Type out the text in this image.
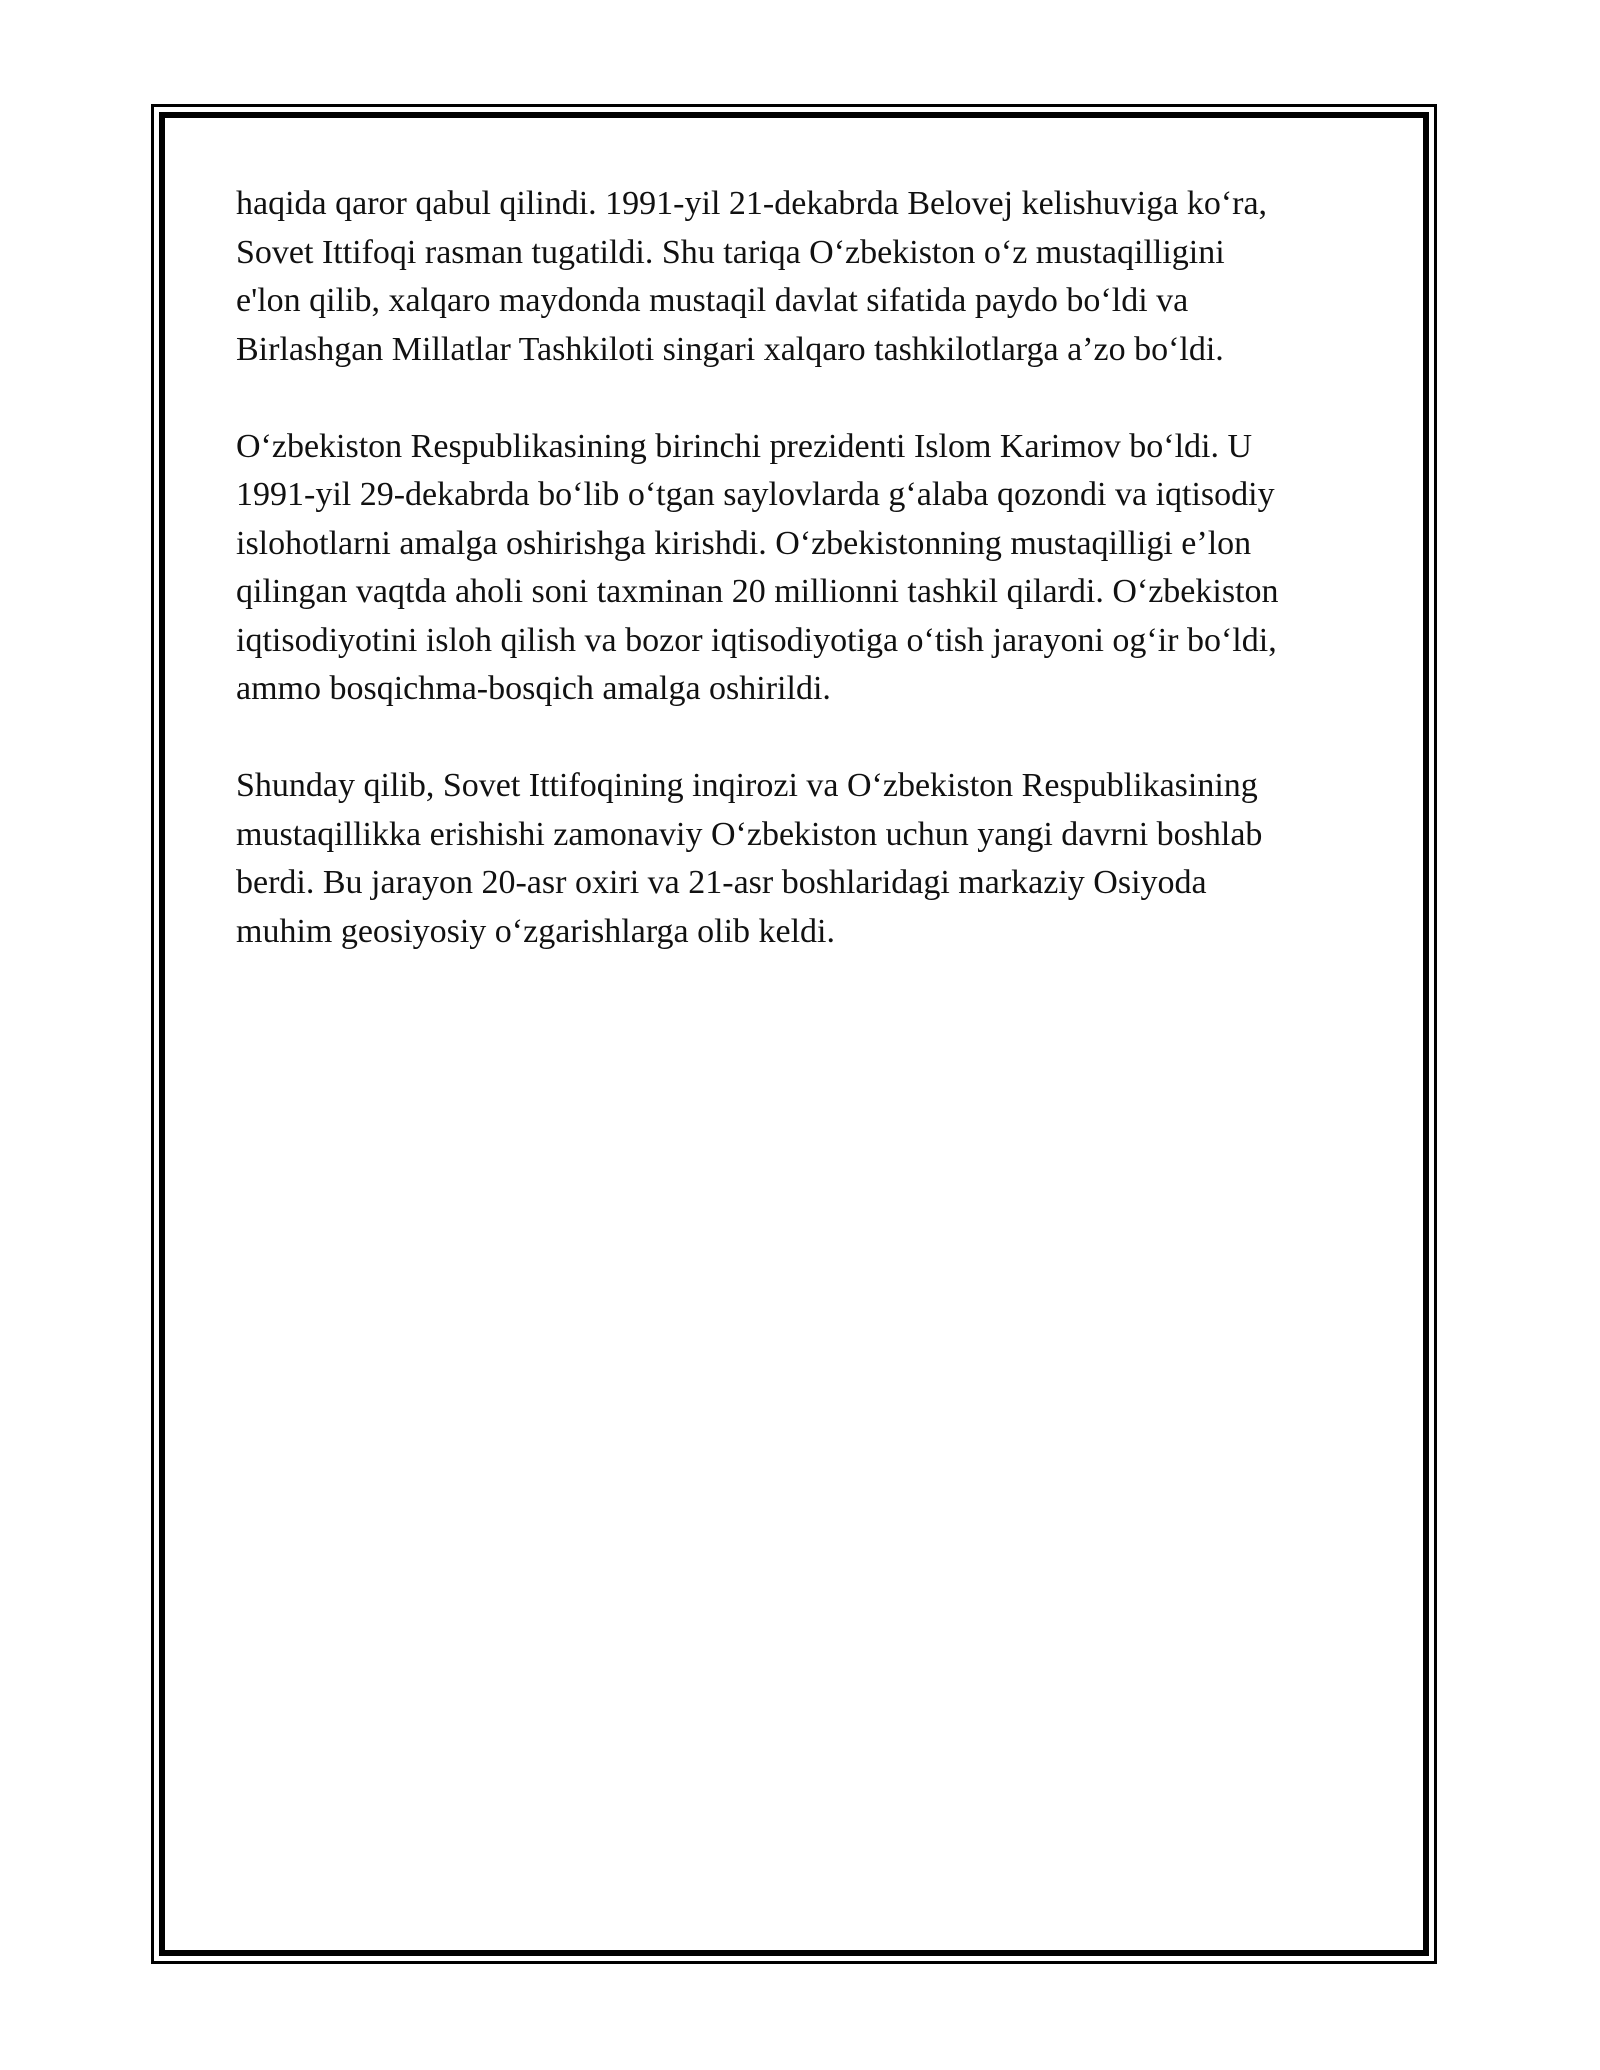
haqida qaror qabul qilindi. 1991-yil 21-dekabrda Belovej kelishuviga ko‘ra,
Sovet Ittifoqi rasman tugatildi. Shu tariqa O‘zbekiston o‘z mustaqilligini
e'lon qilib, xalqaro maydonda mustaqil davlat sifatida paydo bo‘ldi va
Birlashgan Millatlar Tashkiloti singari xalqaro tashkilotlarga a’zo bo‘ldi.

O‘zbekiston Respublikasining birinchi prezidenti Islom Karimov bo‘ldi. U
1991-yil 29-dekabrda bo‘lib o‘tgan saylovlarda g‘alaba qozondi va iqtisodiy
islohotlarni amalga oshirishga kirishdi. O‘zbekistonning mustaqilligi e’lon
qilingan vaqtda aholi soni taxminan 20 millionni tashkil qilardi. O‘zbekiston
iqtisodiyotini isloh qilish va bozor iqtisodiyotiga o‘tish jarayoni og‘ir bo‘ldi,
ammo bosqichma-bosqich amalga oshirildi.

Shunday qilib, Sovet Ittifoqining inqirozi va O‘zbekiston Respublikasining
mustaqillikka erishishi zamonaviy O‘zbekiston uchun yangi davrni boshlab
berdi. Bu jarayon 20-asr oxiri va 21-asr boshlaridagi markaziy Osiyoda
muhim geosiyosiy o‘zgarishlarga olib keldi.
